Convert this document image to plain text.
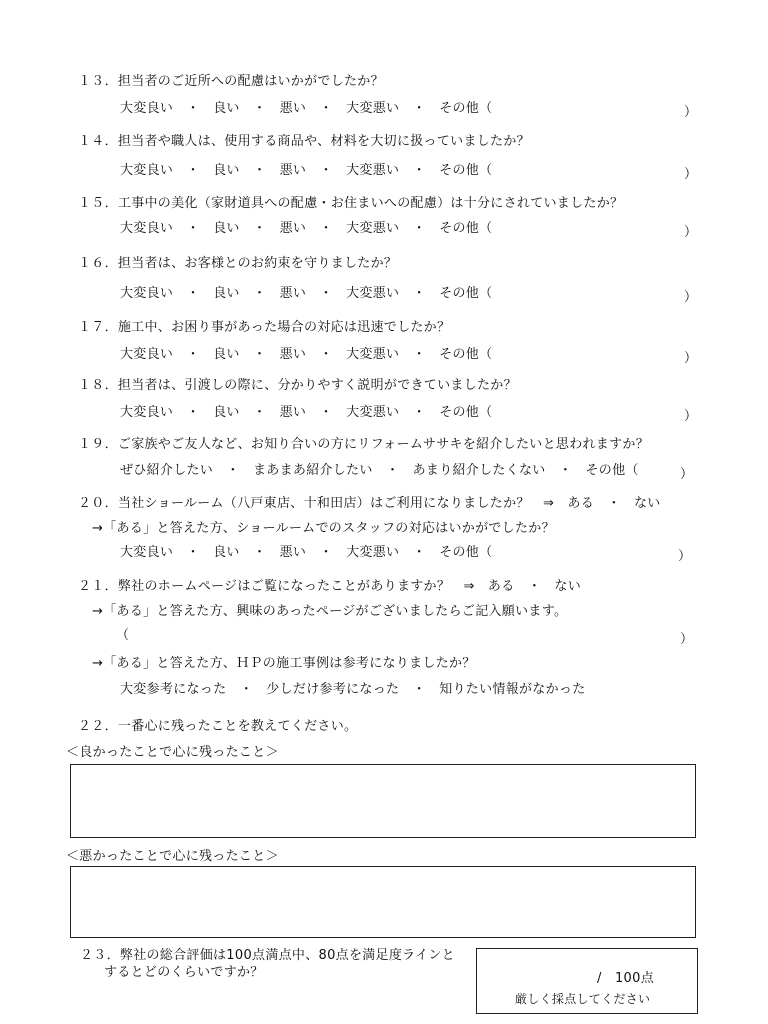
１３．担当者のご近所への配慮はいかがでしたか？
大変良い　・　良い　・　悪い　・　大変悪い　・　その他（	）
１４．担当者や職人は、使用する商品や、材料を大切に扱っていましたか？
大変良い　・　良い　・　悪い　・　大変悪い　・　その他（	）
１５．工事中の美化（家財道具への配慮・お住まいへの配慮）は十分にされていましたか？
大変良い　・　良い　・　悪い　・　大変悪い　・　その他（	）
１６．担当者は、お客様とのお約束を守りましたか？
大変良い　・　良い　・　悪い　・　大変悪い　・　その他（	）
１７．施工中、お困り事があった場合の対応は迅速でしたか？
大変良い　・　良い　・　悪い　・　大変悪い　・　その他（	）
１８．担当者は、引渡しの際に、分かりやすく説明ができていましたか？
大変良い　・　良い　・　悪い　・　大変悪い　・　その他（	）
１９．ご家族やご友人など、お知り合いの方にリフォームササキを紹介したいと思われますか？
ぜひ紹介したい　・　まあまあ紹介したい　・　あまり紹介したくない　・　その他（	）
２０．当社ショールーム（八戸東店、十和田店）はご利用になりましたか？　⇒　ある　・　ない
→「ある」と答えた方、ショールームでのスタッフの対応はいかがでしたか？
大変良い　・　良い　・　悪い　・　大変悪い　・　その他（	）
２１．弊社のホームページはご覧になったことがありますか？　⇒　ある　・　ない
→「ある」と答えた方、興味のあったページがございましたらご記入願います。
（	）
→「ある」と答えた方、ＨＰの施工事例は参考になりましたか？
大変参考になった　・　少しだけ参考になった　・　知りたい情報がなかった
２２．一番心に残ったことを教えてください。
＜良かったことで心に残ったこと＞
＜悪かったことで心に残ったこと＞
２３．弊社の総合評価は100点満点中、80点を満足度ラインと
するとどのくらいですか？	/　100点
厳しく採点してください
